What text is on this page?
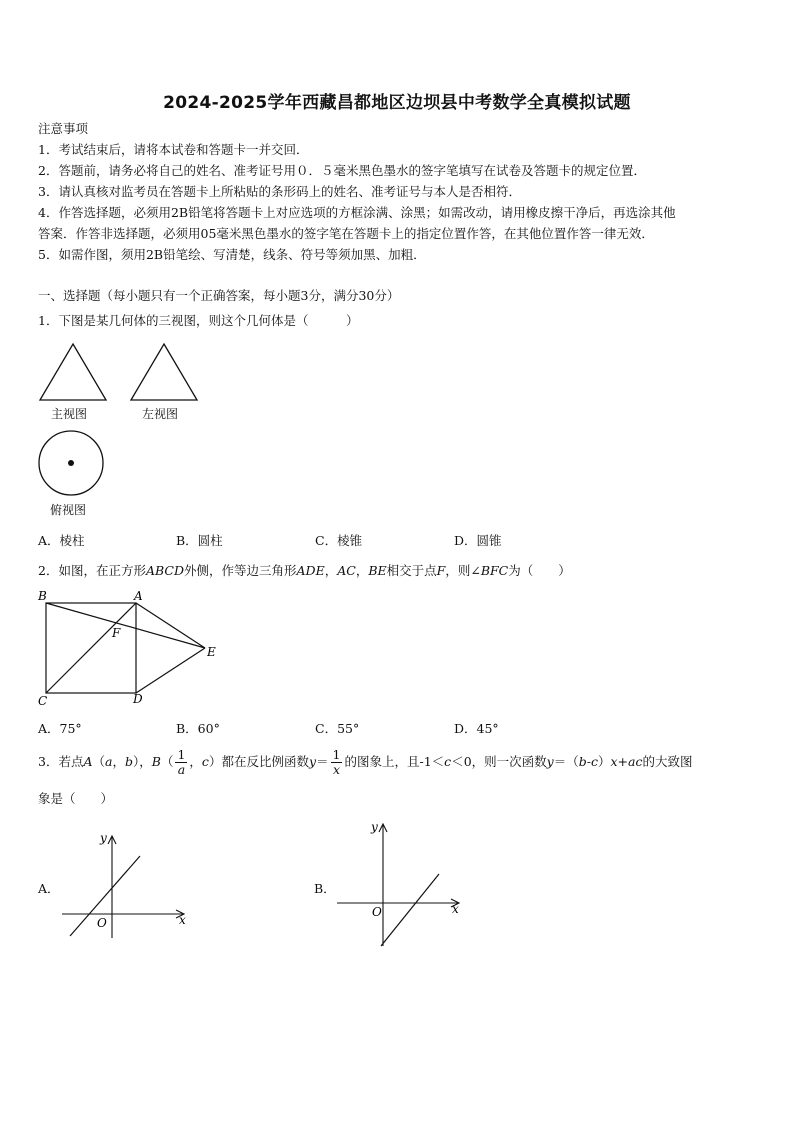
2024-2025学年西藏昌都地区边坝县中考数学全真模拟试题
注意事项
1．考试结束后，请将本试卷和答题卡一并交回．
2．答题前，请务必将自己的姓名、准考证号用０．５毫米黑色墨水的签字笔填写在试卷及答题卡的规定位置．
3．请认真核对监考员在答题卡上所粘贴的条形码上的姓名、准考证号与本人是否相符．
4．作答选择题，必须用2B铅笔将答题卡上对应选项的方框涂满、涂黑；如需改动，请用橡皮擦干净后，再选涂其他
答案．作答非选择题，必须用05毫米黑色墨水的签字笔在答题卡上的指定位置作答，在其他位置作答一律无效．
5．如需作图，须用2B铅笔绘、写清楚，线条、符号等须加黑、加粗．
一、选择题（每小题只有一个正确答案，每小题3分，满分30分）
1．下图是某几何体的三视图，则这个几何体是（　　　）
主视图	左视图
俯视图
A．棱柱	B．圆柱	C．棱锥	D．圆锥
2．如图，在正方形ABCD外侧，作等边三角形ADE，AC，BE相交于点F，则∠BFC为（　　）
B	A
F
E
C	D
A．75°	B．60°	C．55°	D．45°
3．若点A（a，b），$B( \frac{1}{a}$ ，c）都在反比例函数$y= \frac{1}{x}$ 的图象上，且-1＜c＜0，则一次函数y＝（b-c）x+ac的大致图
象是（　　）
A．
y
x
O
B．
y
x
O
